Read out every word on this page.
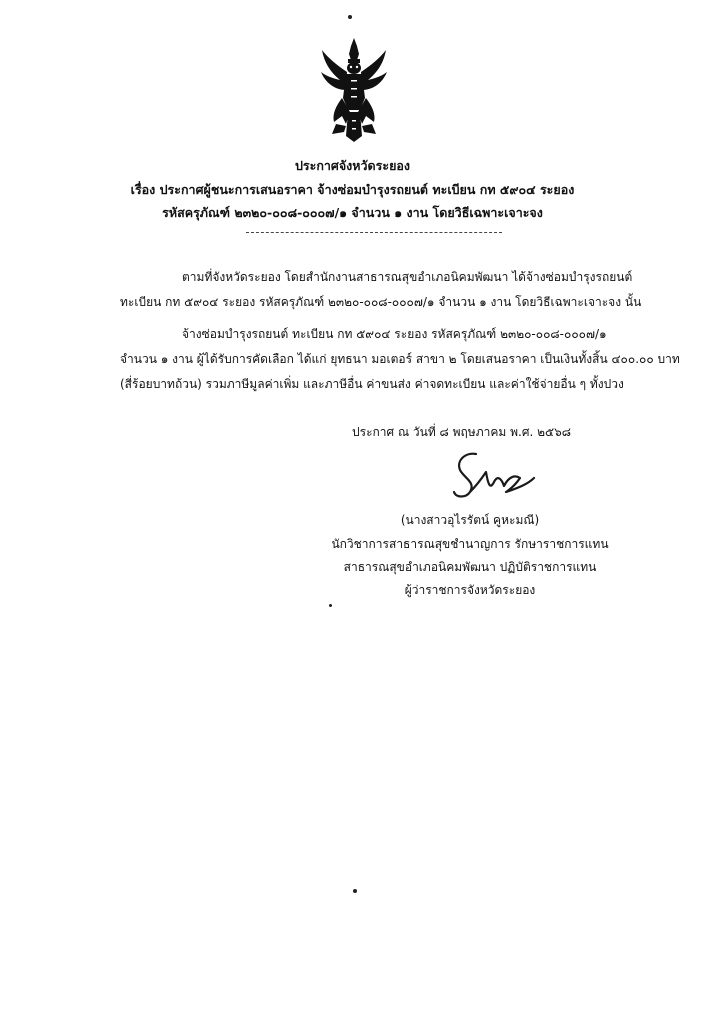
ประกาศจังหวัดระยอง
เรื่อง ประกาศผู้ชนะการเสนอราคา จ้างซ่อมบำรุงรถยนต์ ทะเบียน กท ๕๙๐๔ ระยอง
รหัสครุภัณฑ์ ๒๓๒๐-๐๐๘-๐๐๐๗/๑ จำนวน ๑ งาน โดยวิธีเฉพาะเจาะจง
ตามที่จังหวัดระยอง โดยสำนักงานสาธารณสุขอำเภอนิคมพัฒนา ได้จ้างซ่อมบำรุงรถยนต์
ทะเบียน กท ๕๙๐๔ ระยอง รหัสครุภัณฑ์ ๒๓๒๐-๐๐๘-๐๐๐๗/๑ จำนวน ๑ งาน โดยวิธีเฉพาะเจาะจง นั้น
จ้างซ่อมบำรุงรถยนต์ ทะเบียน กท ๕๙๐๔ ระยอง รหัสครุภัณฑ์ ๒๓๒๐-๐๐๘-๐๐๐๗/๑
จำนวน ๑ งาน ผู้ได้รับการคัดเลือก ได้แก่ ยุทธนา มอเตอร์ สาขา ๒ โดยเสนอราคา เป็นเงินทั้งสิ้น ๔๐๐.๐๐ บาท
(สี่ร้อยบาทถ้วน) รวมภาษีมูลค่าเพิ่ม และภาษีอื่น ค่าขนส่ง ค่าจดทะเบียน และค่าใช้จ่ายอื่น ๆ ทั้งปวง
ประกาศ ณ วันที่ ๘ พฤษภาคม พ.ศ. ๒๕๖๘
(นางสาวอุไรรัตน์ คูหะมณี)
นักวิชาการสาธารณสุขชำนาญการ รักษาราชการแทน
สาธารณสุขอำเภอนิคมพัฒนา ปฏิบัติราชการแทน
ผู้ว่าราชการจังหวัดระยอง
